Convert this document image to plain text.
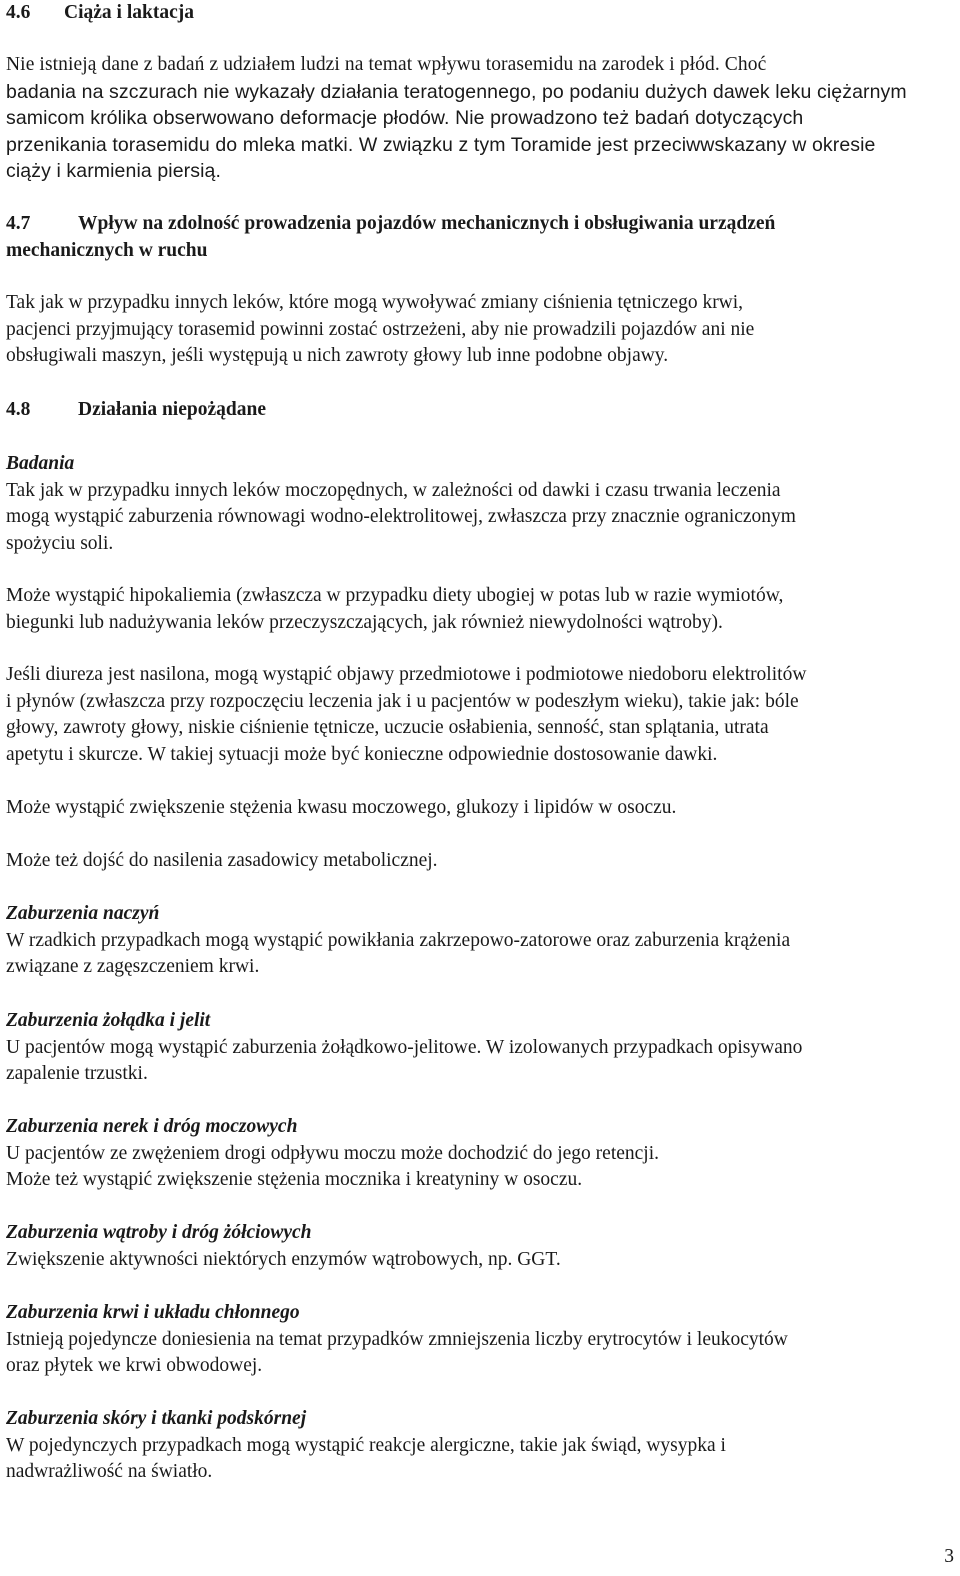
4.6 Ciąża i laktacja
Nie istnieją dane z badań z udziałem ludzi na temat wpływu torasemidu na zarodek i płód. Choć
badania na szczurach nie wykazały działania teratogennego, po podaniu dużych dawek leku ciężarnym
samicom królika obserwowano deformacje płodów. Nie prowadzono też badań dotyczących
przenikania torasemidu do mleka matki. W związku z tym Toramide jest przeciwwskazany w okresie
ciąży i karmienia piersią.
4.7 Wpływ na zdolność prowadzenia pojazdów mechanicznych i obsługiwania urządzeń
mechanicznych w ruchu
Tak jak w przypadku innych leków, które mogą wywoływać zmiany ciśnienia tętniczego krwi,
pacjenci przyjmujący torasemid powinni zostać ostrzeżeni, aby nie prowadzili pojazdów ani nie
obsługiwali maszyn, jeśli występują u nich zawroty głowy lub inne podobne objawy.
4.8 Działania niepożądane
Badania
Tak jak w przypadku innych leków moczopędnych, w zależności od dawki i czasu trwania leczenia
mogą wystąpić zaburzenia równowagi wodno-elektrolitowej, zwłaszcza przy znacznie ograniczonym
spożyciu soli.
Może wystąpić hipokaliemia (zwłaszcza w przypadku diety ubogiej w potas lub w razie wymiotów,
biegunki lub nadużywania leków przeczyszczających, jak również niewydolności wątroby).
Jeśli diureza jest nasilona, mogą wystąpić objawy przedmiotowe i podmiotowe niedoboru elektrolitów
i płynów (zwłaszcza przy rozpoczęciu leczenia jak i u pacjentów w podeszłym wieku), takie jak: bóle
głowy, zawroty głowy, niskie ciśnienie tętnicze, uczucie osłabienia, senność, stan splątania, utrata
apetytu i skurcze. W takiej sytuacji może być konieczne odpowiednie dostosowanie dawki.
Może wystąpić zwiększenie stężenia kwasu moczowego, glukozy i lipidów w osoczu.
Może też dojść do nasilenia zasadowicy metabolicznej.
Zaburzenia naczyń
W rzadkich przypadkach mogą wystąpić powikłania zakrzepowo-zatorowe oraz zaburzenia krążenia
związane z zagęszczeniem krwi.
Zaburzenia żołądka i jelit
U pacjentów mogą wystąpić zaburzenia żołądkowo-jelitowe. W izolowanych przypadkach opisywano
zapalenie trzustki.
Zaburzenia nerek i dróg moczowych
U pacjentów ze zwężeniem drogi odpływu moczu może dochodzić do jego retencji.
Może też wystąpić zwiększenie stężenia mocznika i kreatyniny w osoczu.
Zaburzenia wątroby i dróg żółciowych
Zwiększenie aktywności niektórych enzymów wątrobowych, np. GGT.
Zaburzenia krwi i układu chłonnego
Istnieją pojedyncze doniesienia na temat przypadków zmniejszenia liczby erytrocytów i leukocytów
oraz płytek we krwi obwodowej.
Zaburzenia skóry i tkanki podskórnej
W pojedynczych przypadkach mogą wystąpić reakcje alergiczne, takie jak świąd, wysypka i
nadwrażliwość na światło.
3
